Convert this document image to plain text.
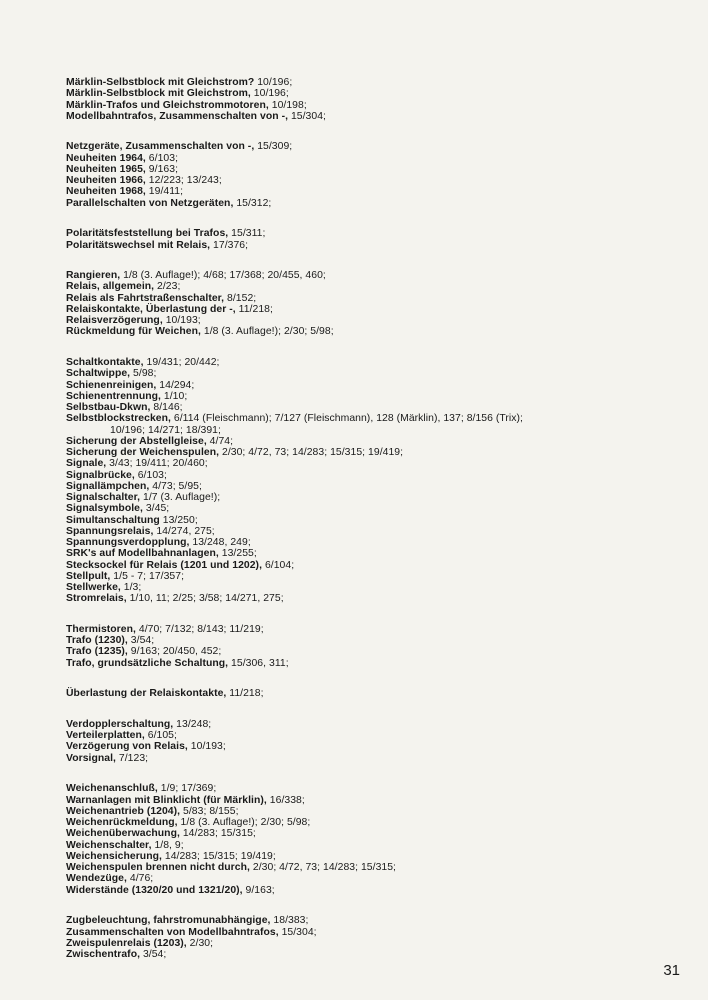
Märklin-Selbstblock mit Gleichstrom? 10/196;
Märklin-Selbstblock mit Gleichstrom, 10/196;
Märklin-Trafos und Gleichstrommotoren, 10/198;
Modellbahntrafos, Zusammenschalten von -, 15/304;
Netzgeräte, Zusammenschalten von -, 15/309;
Neuheiten 1964, 6/103;
Neuheiten 1965, 9/163;
Neuheiten 1966, 12/223; 13/243;
Neuheiten 1968, 19/411;
Parallelschalten von Netzgeräten, 15/312;
Polaritätsfeststellung bei Trafos, 15/311;
Polaritätswechsel mit Relais, 17/376;
Rangieren, 1/8 (3. Auflage!); 4/68; 17/368; 20/455, 460;
Relais, allgemein, 2/23;
Relais als Fahrtstraßenschalter, 8/152;
Relaiskontakte, Überlastung der -, 11/218;
Relaisverzögerung, 10/193;
Rückmeldung für Weichen, 1/8 (3. Auflage!); 2/30; 5/98;
Schaltkontakte, 19/431; 20/442;
Schaltwippe, 5/98;
Schienenreinigen, 14/294;
Schienentrennung, 1/10;
Selbstbau-Dkwn, 8/146;
Selbstblockstrecken, 6/114 (Fleischmann); 7/127 (Fleischmann), 128 (Märklin), 137; 8/156 (Trix);
10/196; 14/271; 18/391;
Sicherung der Abstellgleise, 4/74;
Sicherung der Weichenspulen, 2/30; 4/72, 73; 14/283; 15/315; 19/419;
Signale, 3/43; 19/411; 20/460;
Signalbrücke, 6/103;
Signallämpchen, 4/73; 5/95;
Signalschalter, 1/7 (3. Auflage!);
Signalsymbole, 3/45;
Simultanschaltung 13/250;
Spannungsrelais, 14/274, 275;
Spannungsverdopplung, 13/248, 249;
SRK's auf Modellbahnanlagen, 13/255;
Stecksockel für Relais (1201 und 1202), 6/104;
Stellpult, 1/5 - 7; 17/357;
Stellwerke, 1/3;
Stromrelais, 1/10, 11; 2/25; 3/58; 14/271, 275;
Thermistoren, 4/70; 7/132; 8/143; 11/219;
Trafo (1230), 3/54;
Trafo (1235), 9/163; 20/450, 452;
Trafo, grundsätzliche Schaltung, 15/306, 311;
Überlastung der Relaiskontakte, 11/218;
Verdopplerschaltung, 13/248;
Verteilerplatten, 6/105;
Verzögerung von Relais, 10/193;
Vorsignal, 7/123;
Weichenanschluß, 1/9; 17/369;
Warnanlagen mit Blinklicht (für Märklin), 16/338;
Weichenantrieb (1204), 5/83; 8/155;
Weichenrückmeldung, 1/8 (3. Auflage!); 2/30; 5/98;
Weichenüberwachung, 14/283; 15/315;
Weichenschalter, 1/8, 9;
Weichensicherung, 14/283; 15/315; 19/419;
Weichenspulen brennen nicht durch, 2/30; 4/72, 73; 14/283; 15/315;
Wendezüge, 4/76;
Widerstände (1320/20 und 1321/20), 9/163;
Zugbeleuchtung, fahrstromunabhängige, 18/383;
Zusammenschalten von Modellbahntrafos, 15/304;
Zweispulenrelais (1203), 2/30;
Zwischentrafo, 3/54;
31
